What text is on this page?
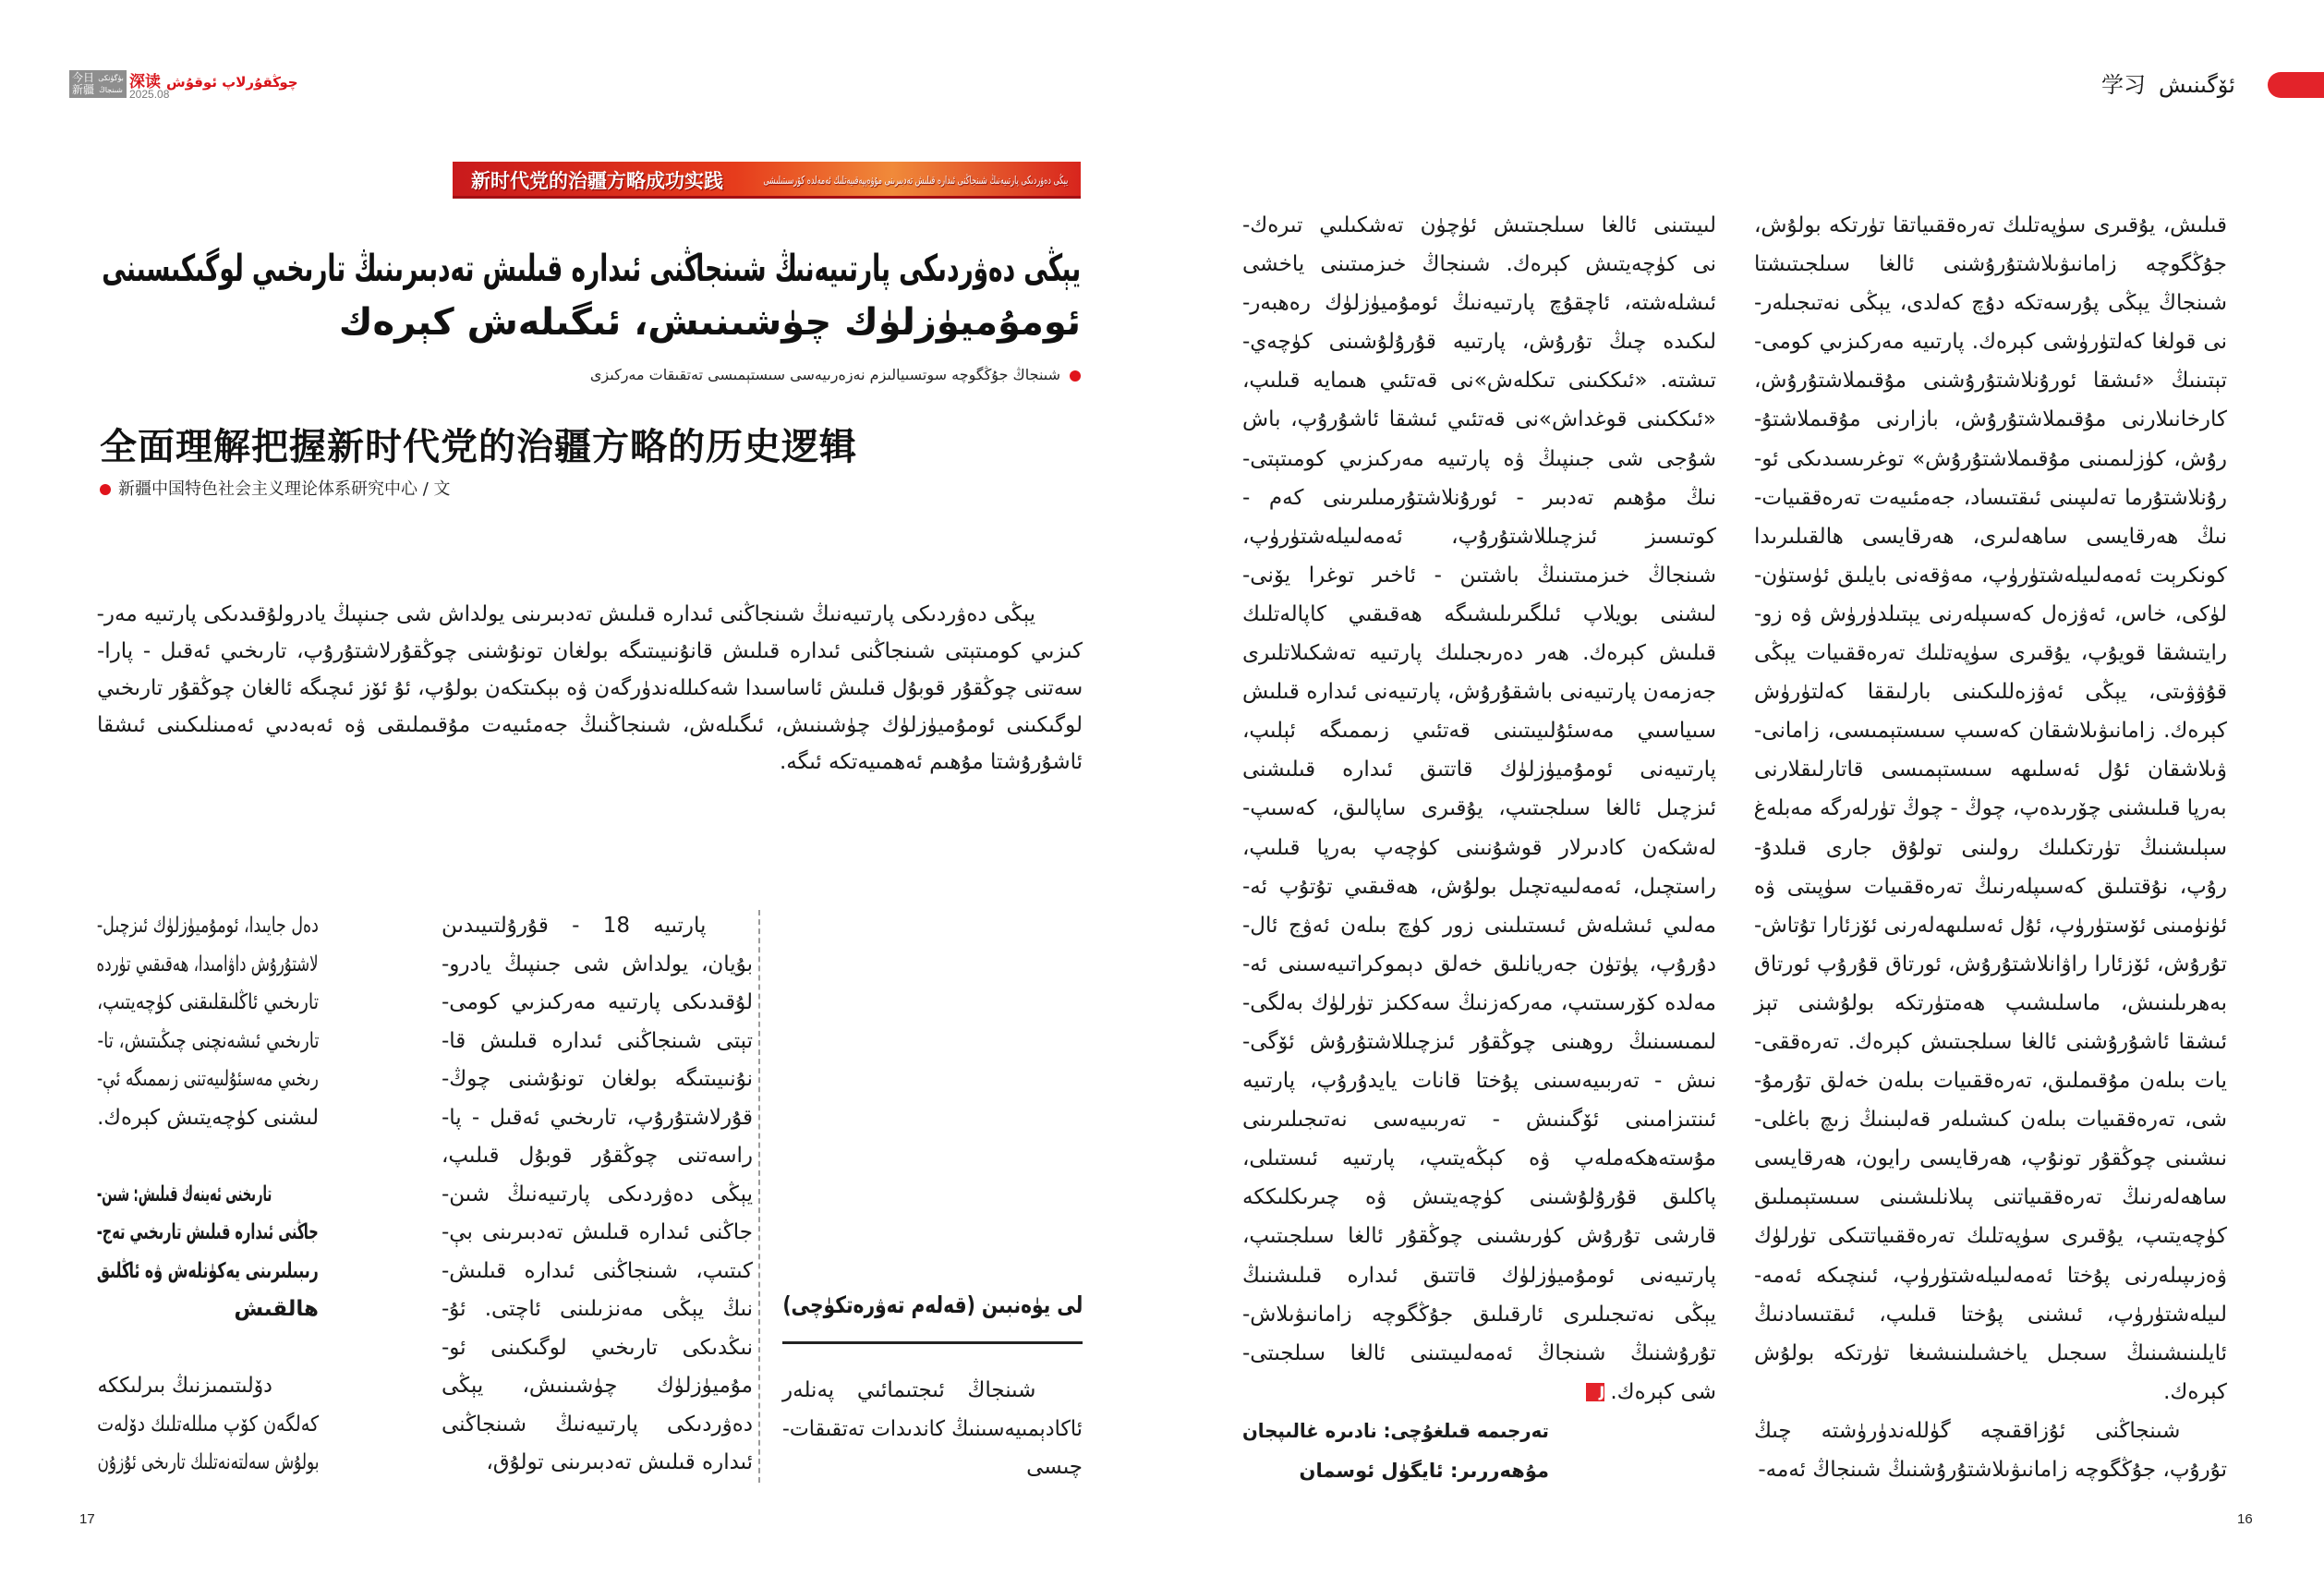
今日新疆
بۈگۈنكى شىنجاڭ 深读 چوڭقۇرلاپ ئوقۇش
2025.08	学习 ئۆگىنىش
新时代党的治疆方略成功实践	يېڭى دەۋردىكى پارتىيەنىڭ شىنجاڭنى ئىدارە قىلىش تەدبىرىنى مۇۋەپپەقىيەتلىك ئەمەلدە كۆرسىتىلىشى
يېڭى دەۋردىكى پارتىيەنىڭ شىنجاڭنى ئىدارە قىلىش تەدبىرىنىڭ تارىخىي لوگىكىسىنى
ئومۇميۈزلۈك چۈشىنىش، ئىگىلەش كېرەك
شىنجاڭ جۇڭگوچە سوتسىيالىزم نەزەرىيەسى سىستېمىسى تەتقىقات مەركىزى
全面理解把握新时代党的治疆方略的历史逻辑
新疆中国特色社会主义理论体系研究中心 / 文
يېڭى دەۋردىكى پارتىيەنىڭ شىنجاڭنى ئىدارە قىلىش تەدبىرىنى يولداش شى جىنپىڭ يادرولۇقىدىكى پارتىيە مەر-
كىزىي كومىتېتى شىنجاڭنى ئىدارە قىلىش قانۇنىيىتىگە بولغان تونۇشنى چوڭقۇرلاشتۇرۇپ، تارىخىي ئەقىل - پارا-
سەتنى چوڭقۇر قوبۇل قىلىش ئاساسىدا شەكىللەندۈرگەن ۋە بېكىتكەن بولۇپ، ئۇ ئۆز ئىچىگە ئالغان چوڭقۇر تارىخىي
لوگىكىنى ئومۇميۈزلۈك چۈشىنىش، ئىگىلەش، شىنجاڭنىڭ جەمئىيەت مۇقىملىقى ۋە ئەبەدىي ئەمىنلىكىنى ئىشقا
ئاشۇرۇشتا مۇھىم ئەھمىيەتكە ئىگە.
دەل جايىدا، ئومۇميۈزلۈك ئىزچىل-
لاشتۇرۇش داۋامىدا، ھەقىقىي تۈردە
تارىخىي ئاڭلىقلىقنى كۈچەيتىپ،
تارىخىي ئىشەنچنى چىڭىتىش، تا-
رىخىي مەسئۇلىيەتنى زىممىگە ئې-
لىشنى كۈچەيتىش كېرەك.

تارىخنى ئەينەك قىلىش: شىن-
جاڭنى ئىدارە قىلىش تارىخىي تەج-
رىبىلىرىنى يەكۈنلەش ۋە ئاڭلىق
ھالقىش

دۆلىتىمىزنىڭ بىرلىككە
كەلگەن كۆپ مىللەتلىك دۆلەت
بولۇش سەلتەنەتلىك تارىخى ئۇزۇن
پارتىيە 18 - قۇرۇلتىيىدىن
بۇيان، يولداش شى جىنپىڭ يادرو-
لۇقىدىكى پارتىيە مەركىزىي كومى-
تېتى شىنجاڭنى ئىدارە قىلىش قا-
نۇنىيىتىگە بولغان تونۇشنى چوڭ-
قۇرلاشتۇرۇپ، تارىخىي ئەقىل - پا-
راسەتنى چوڭقۇر قوبۇل قىلىپ،
يېڭى دەۋردىكى پارتىيەنىڭ شىن-
جاڭنى ئىدارە قىلىش تەدبىرىنى بې-
كىتىپ، شىنجاڭنى ئىدارە قىلىش-
نىڭ يېڭى مەنزىلىنى ئاچتى. ئۇ-
نىڭدىكى تارىخىي لوگىكىنى ئو-
مۇميۈزلۈك چۈشىنىش، يېڭى
دەۋردىكى پارتىيەنىڭ شىنجاڭنى
ئىدارە قىلىش تەدبىرىنى تولۇق،
لى يۈەنبىن (قەلەم تەۋرەتكۈچى)
شىنجاڭ ئىجتىمائىي پەنلەر
ئاكادېمىيەسىنىڭ كاندىدات تەتقىقات-
چىسى
لىيىتىنى ئالغا سىلجىتىش ئۈچۈن تەشكىلىي تىرەك-
نى كۈچەيتىش كېرەك. شىنجاڭ خىزمىتىنى ياخشى
ئىشلەشتە، ئاچقۇچ پارتىيەنىڭ ئومۇميۈزلۈك رەھبەر-
لىكىدە چىڭ تۇرۇش، پارتىيە قۇرۇلۇشىنى كۈچەي-
تىشتە. «ئىككىنى تىكلەش»نى قەتئىي ھىمايە قىلىپ،
«ئىككىنى قوغداش»نى قەتئىي ئىشقا ئاشۇرۇپ، باش
شۇجى شى جىنپىڭ ۋە پارتىيە مەركىزىي كومىتېتى-
نىڭ مۇھىم تەدبىر - ئورۇنلاشتۇرمىلىرىنى كەم -
كوتىسىز ئىزچىللاشتۇرۇپ، ئەمەلىيلەشتۈرۈپ،
شىنجاڭ خىزمىتىنىڭ باشتىن - ئاخىر توغرا يۆنى-
لىشنى بويلاپ ئىلگىرىلىشىگە ھەقىقىي كاپالەتلىك
قىلىش كېرەك. ھەر دەرىجىلىك پارتىيە تەشكىلاتلىرى
جەزمەن پارتىيەنى باشقۇرۇش، پارتىيەنى ئىدارە قىلىش
سىياسىي مەسئۇلىيىتىنى قەتئىي زىممىگە ئېلىپ،
پارتىيەنى ئومۇميۈزلۈك قاتتىق ئىدارە قىلىشنى
ئىزچىل ئالغا سىلجىتىپ، يۇقىرى ساپالىق، كەسىپ-
لەشكەن كادىرلار قوشۇنىنى كۈچەپ بەرپا قىلىپ،
راستچىل، ئەمەلىيەتچىل بولۇش، ھەقىقىي تۇتۇپ ئە-
مەلىي ئىشلەش ئىستىلىنى زور كۈچ بىلەن ئەۋج ئال-
دۇرۇپ، پۈتۈن جەريانلىق خەلق دېموكراتىيەسىنى ئە-
مەلدە كۆرسىتىپ، مەركەزنىڭ سەككىز تۈرلۈك بەلگى-
لىمىسىنىڭ روھىنى چوڭقۇر ئىزچىللاشتۇرۇش ئۆگى-
نىش - تەربىيەسىنى پۇختا قانات يايدۇرۇپ، پارتىيە
ئىنتىزامىنى ئۆگىنىش - تەربىيەسى نەتىجىلىرىنى
مۇستەھكەملەپ ۋە كېڭەيتىپ، پارتىيە ئىستىلى،
پاكلىق قۇرۇلۇشىنى كۈچەيتىش ۋە چىرىكلىككە
قارشى تۇرۇش كۈرىشىنى چوڭقۇر ئالغا سىلجىتىپ،
پارتىيەنى ئومۇميۈزلۈك قاتتىق ئىدارە قىلىشنىڭ
يېڭى نەتىجىلىرى ئارقىلىق جۇڭگوچە زامانىۋىلاش-
تۇرۇشنىڭ شىنجاڭ ئەمەلىيىتىنى ئالغا سىلجىتى-
شى كېرەك.J
قىلىش، يۇقىرى سۈپەتلىك تەرەققىياتقا تۈرتكە بولۇش،
جۇڭگوچە زامانىۋىلاشتۇرۇشنى ئالغا سىلجىتىشتا
شىنجاڭ يېڭى پۇرسەتكە دۇچ كەلدى، يېڭى نەتىجىلەر-
نى قولغا كەلتۈرۈشى كېرەك. پارتىيە مەركىزىي كومى-
تېتىنىڭ «ئىشقا ئورۇنلاشتۇرۇشنى مۇقىملاشتۇرۇش،
كارخانىلارنى مۇقىملاشتۇرۇش، بازارنى مۇقىملاشتۇ-
رۇش، كۈزلىمىنى مۇقىملاشتۇرۇش» توغرىسىدىكى ئو-
رۇنلاشتۇرما تەلىپىنى ئىقتىساد، جەمئىيەت تەرەققىيات-
نىڭ ھەرقايسى ساھەلىرى، ھەرقايسى ھالقىلىرىدا
كونكرېت ئەمەلىيلەشتۈرۈپ، مەۋقەنى بايلىق ئۈستۈن-
لۈكى، خاس، ئەۋزەل كەسىپلەرنى يېتىلدۈرۈش ۋە زو-
رايتىشقا قويۇپ، يۇقىرى سۈپەتلىك تەرەققىيات يېڭى
قۇۋۋىتى، يېڭى ئەۋزەللىكىنى بارلىققا كەلتۈرۈش
كېرەك. زامانىۋىلاشقان كەسىپ سىستېمىسى، زامانى-
ۋىلاشقان ئۇل ئەسلىھە سىستېمىسى قاتارلىقلارنى
بەرپا قىلىشنى چۆرىدەپ، چوڭ - چوڭ تۈرلەرگە مەبلەغ
سېلىشنىڭ تۈرتكىلىك رولىنى تولۇق جارى قىلدۇ-
رۇپ، نۇقتىلىق كەسىپلەرنىڭ تەرەققىيات سۈپىتى ۋە
ئۈنۈمىنى ئۆستۈرۈپ، ئۇل ئەسلىھەلەرنى ئۆزئارا تۇتاش-
تۇرۇش، ئۆزئارا راۋانلاشتۇرۇش، ئورتاق قۇرۇپ ئورتاق
بەھرىلىنىش، ماسلىشىپ ھەمتۈرتكە بولۇشنى تېز
ئىشقا ئاشۇرۇشنى ئالغا سىلجىتىش كېرەك. تەرەققى-
يات بىلەن مۇقىملىق، تەرەققىيات بىلەن خەلق تۇرمۇ-
شى، تەرەققىيات بىلەن كىشىلەر قەلبىنىڭ زىچ باغلى-
نىشىنى چوڭقۇر تونۇپ، ھەرقايسى رايون، ھەرقايسى
ساھەلەرنىڭ تەرەققىياتنى پىلانلىشىنى سىستېمىلىق
كۈچەيتىپ، يۇقىرى سۈپەتلىك تەرەققىياتتىكى تۈرلۈك
ۋەزىپىلەرنى پۇختا ئەمەلىيلەشتۈرۈپ، ئىنچىكە ئەمە-
لىيلەشتۈرۈپ، ئىشنى پۇختا قىلىپ، ئىقتىسادنىڭ
ئايلىنىشىنىڭ سىجىل ياخشىلىنىشىغا تۈرتكە بولۇش
كېرەك.
شىنجاڭنى ئۇزاققىچە گۈللەندۈرۈشتە چىڭ
تۇرۇپ، جۇڭگوچە زامانىۋىلاشتۇرۇشنىڭ شىنجاڭ ئەمە-
تەرجىمە قىلغۇچى: نادىرە غالىپجان
مۇھەررىر: ئايگۈل ئوسمان
17	16
